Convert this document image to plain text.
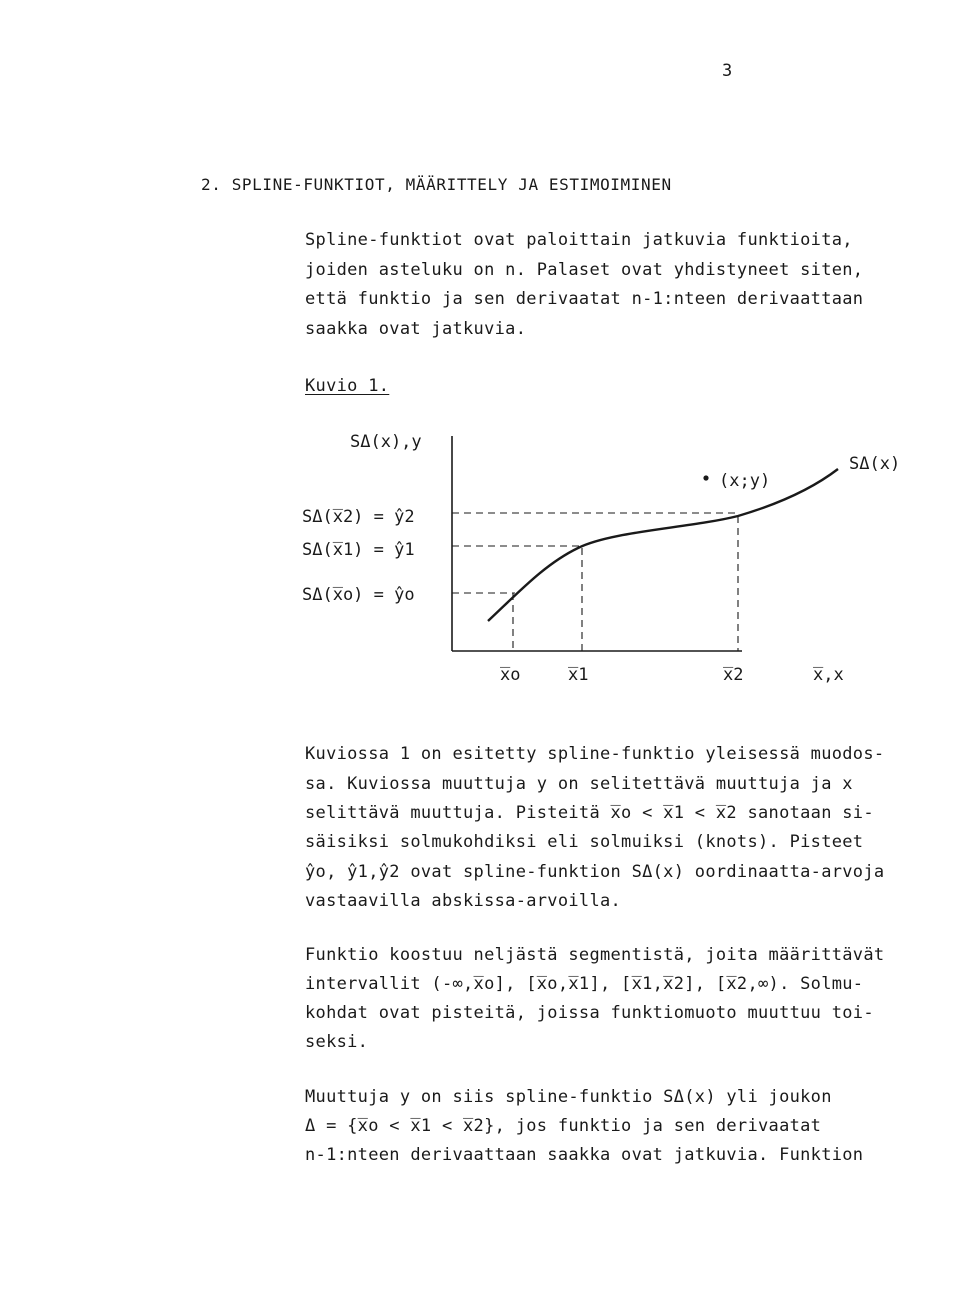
3
2. SPLINE-FUNKTIOT, MÄÄRITTELY JA ESTIMOIMINEN
Spline-funktiot ovat paloittain jatkuvia funktioita,
joiden asteluku on n. Palaset ovat yhdistyneet siten,
että funktio ja sen derivaatat n-1:nteen derivaattaan
saakka ovat jatkuvia.
Kuvio 1.
SΔ(x),y
SΔ(x̅2) = ŷ2
SΔ(x̅1) = ŷ1
SΔ(x̅o) = ŷo
(x;y)
SΔ(x)
x̅o	x̅1	x̅2	x̅,x
Kuviossa 1 on esitetty spline-funktio yleisessä muodos-
sa. Kuviossa muuttuja y on selitettävä muuttuja ja x
selittävä muuttuja. Pisteitä x̅o < x̅1 < x̅2 sanotaan si-
säisiksi solmukohdiksi eli solmuiksi (knots). Pisteet
ŷo, ŷ1,ŷ2 ovat spline-funktion SΔ(x) oordinaatta-arvoja
vastaavilla abskissa-arvoilla.
Funktio koostuu neljästä segmentistä, joita määrittävät
intervallit (-∞,x̅o], [x̅o,x̅1], [x̅1,x̅2], [x̅2,∞). Solmu-
kohdat ovat pisteitä, joissa funktiomuoto muuttuu toi-
seksi.
Muuttuja y on siis spline-funktio SΔ(x) yli joukon
Δ = {x̅o < x̅1 < x̅2}, jos funktio ja sen derivaatat
n-1:nteen derivaattaan saakka ovat jatkuvia. Funktion
